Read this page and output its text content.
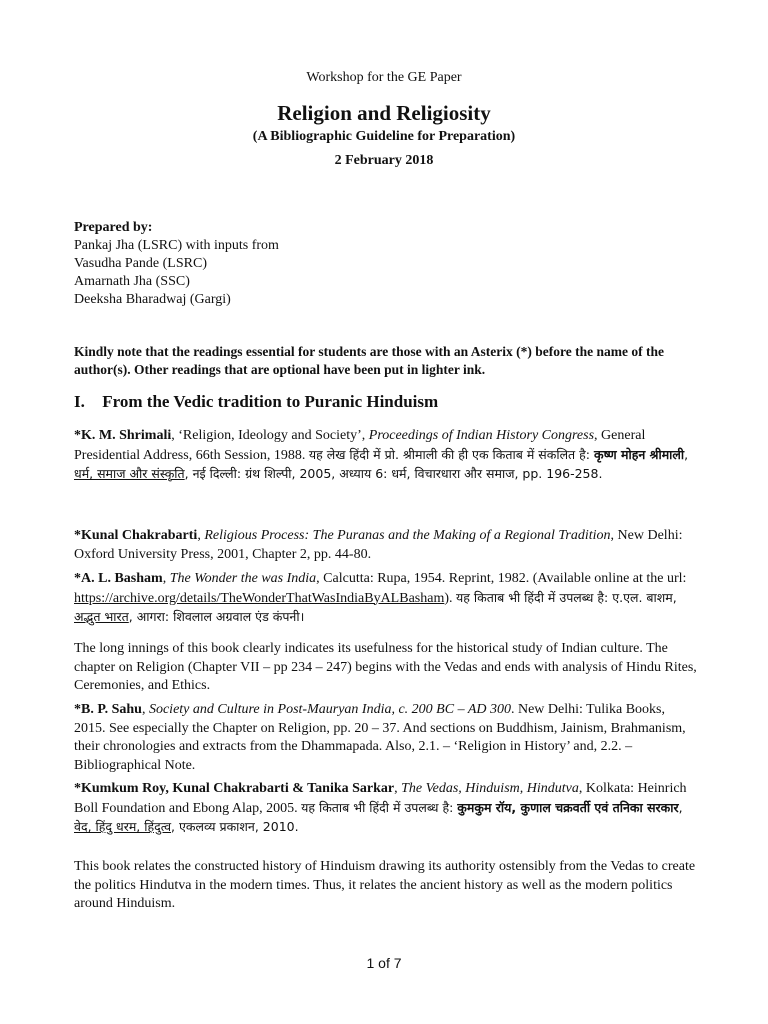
Workshop for the GE Paper
Religion and Religiosity
(A Bibliographic Guideline for Preparation)
2 February 2018
Prepared by:
Pankaj Jha (LSRC) with inputs from
Vasudha Pande (LSRC)
Amarnath Jha (SSC)
Deeksha Bharadwaj (Gargi)
Kindly note that the readings essential for students are those with an Asterix (*) before the name of the author(s). Other readings that are optional have been put in lighter ink.
I. From the Vedic tradition to Puranic Hinduism
*K. M. Shrimali, ‘Religion, Ideology and Society’, Proceedings of Indian History Congress, General Presidential Address, 66th Session, 1988. यह लेख हिंदी में प्रो. श्रीमाली की ही एक किताब में संकलित है: कृष्ण मोहन श्रीमाली, धर्म, समाज और संस्कृति, नई दिल्ली: ग्रंथ शिल्पी, 2005, अध्याय 6: धर्म, विचारधारा और समाज, pp. 196-258.
*Kunal Chakrabarti, Religious Process: The Puranas and the Making of a Regional Tradition, New Delhi: Oxford University Press, 2001, Chapter 2, pp. 44-80.
*A. L. Basham, The Wonder the was India, Calcutta: Rupa, 1954. Reprint, 1982. (Available online at the url: https://archive.org/details/TheWonderThatWasIndiaByALBasham). यह किताब भी हिंदी में उपलब्ध है: ए.एल. बाशम, अद्भुत भारत, आगरा: शिवलाल अग्रवाल एंड कंपनी।
The long innings of this book clearly indicates its usefulness for the historical study of Indian culture. The chapter on Religion (Chapter VII – pp 234 – 247) begins with the Vedas and ends with analysis of Hindu Rites, Ceremonies, and Ethics.
*B. P. Sahu, Society and Culture in Post-Mauryan India, c. 200 BC – AD 300. New Delhi: Tulika Books, 2015. See especially the Chapter on Religion, pp. 20 – 37. And sections on Buddhism, Jainism, Brahmanism, their chronologies and extracts from the Dhammapada. Also, 2.1. – ‘Religion in History’ and, 2.2. – Bibliographical Note.
*Kumkum Roy, Kunal Chakrabarti & Tanika Sarkar, The Vedas, Hinduism, Hindutva, Kolkata: Heinrich Boll Foundation and Ebong Alap, 2005. यह किताब भी हिंदी में उपलब्ध है: कुमकुम रॉय, कुणाल चक्रवर्ती एवं तनिका सरकार, वेद, हिंदु धरम, हिंदुत्व, एकलव्य प्रकाशन, 2010.
This book relates the constructed history of Hinduism drawing its authority ostensibly from the Vedas to create the politics Hindutva in the modern times. Thus, it relates the ancient history as well as the modern politics around Hinduism.
1 of 7
